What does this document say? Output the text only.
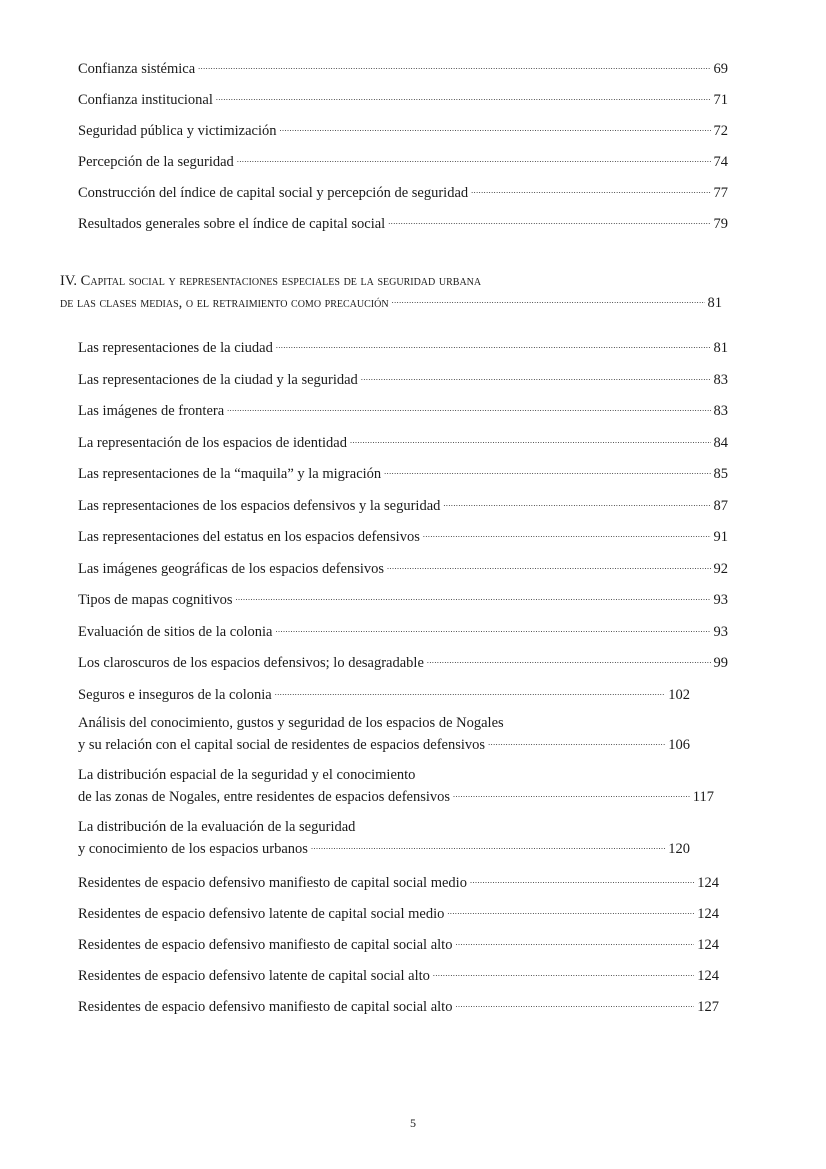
Confianza sistémica .....	69
Confianza institucional .....	71
Seguridad pública y victimización .....	72
Percepción de la seguridad .....	74
Construcción del índice de capital social y percepción de seguridad .....	77
Resultados generales sobre el índice de capital social .....	79
IV. Capital social y representaciones especiales de la seguridad urbana
de las clases medias, o el retraimiento como precaución .....	81
Las representaciones de la ciudad .....	81
Las representaciones de la ciudad y la seguridad .....	83
Las imágenes de frontera .....	83
La representación de los espacios de identidad .....	84
Las representaciones de la “maquila” y la migración .....	85
Las representaciones de los espacios defensivos y la seguridad .....	87
Las representaciones del estatus en los espacios defensivos .....	91
Las imágenes geográficas de los espacios defensivos .....	92
Tipos de mapas cognitivos .....	93
Evaluación de sitios de la colonia .....	93
Los claroscuros de los espacios defensivos; lo desagradable .....	99
Seguros e inseguros de la colonia .....	102
Análisis del conocimiento, gustos y seguridad de los espacios de Nogales
y su relación con el capital social de residentes de espacios defensivos .....	106
La distribución espacial de la seguridad y el conocimiento
de las zonas de Nogales, entre residentes de espacios defensivos .....	117
La distribución de la evaluación de la seguridad
y conocimiento de los espacios urbanos .....	120
Residentes de espacio defensivo manifiesto de capital social medio .....	124
Residentes de espacio defensivo latente de capital social medio .....	124
Residentes de espacio defensivo manifiesto de capital social alto .....	124
Residentes de espacio defensivo latente de capital social alto .....	124
Residentes de espacio defensivo manifiesto de capital social alto .....	127
5
